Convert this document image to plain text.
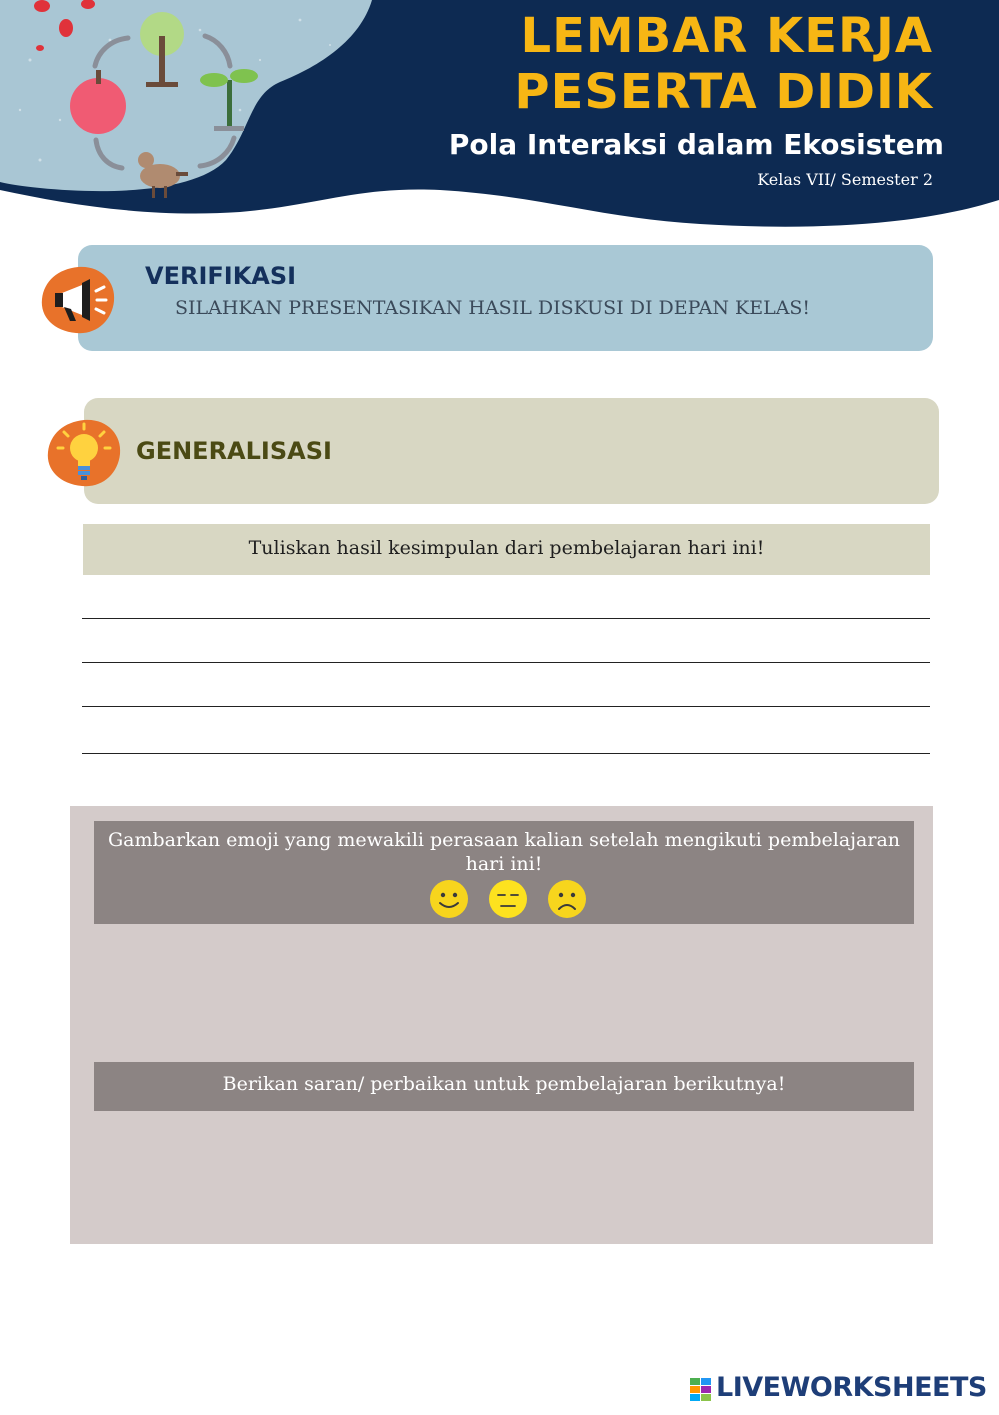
LEMBAR KERJA
PESERTA DIDIK
Pola Interaksi dalam Ekosistem
Kelas VII/ Semester 2
VERIFIKASI
SILAHKAN PRESENTASIKAN HASIL DISKUSI DI DEPAN KELAS!
GENERALISASI
Tuliskan hasil kesimpulan dari pembelajaran hari ini!
Gambarkan emoji yang mewakili perasaan kalian setelah mengikuti pembelajaran hari ini!
Berikan saran/ perbaikan untuk pembelajaran berikutnya!
LIVEWORKSHEETS
